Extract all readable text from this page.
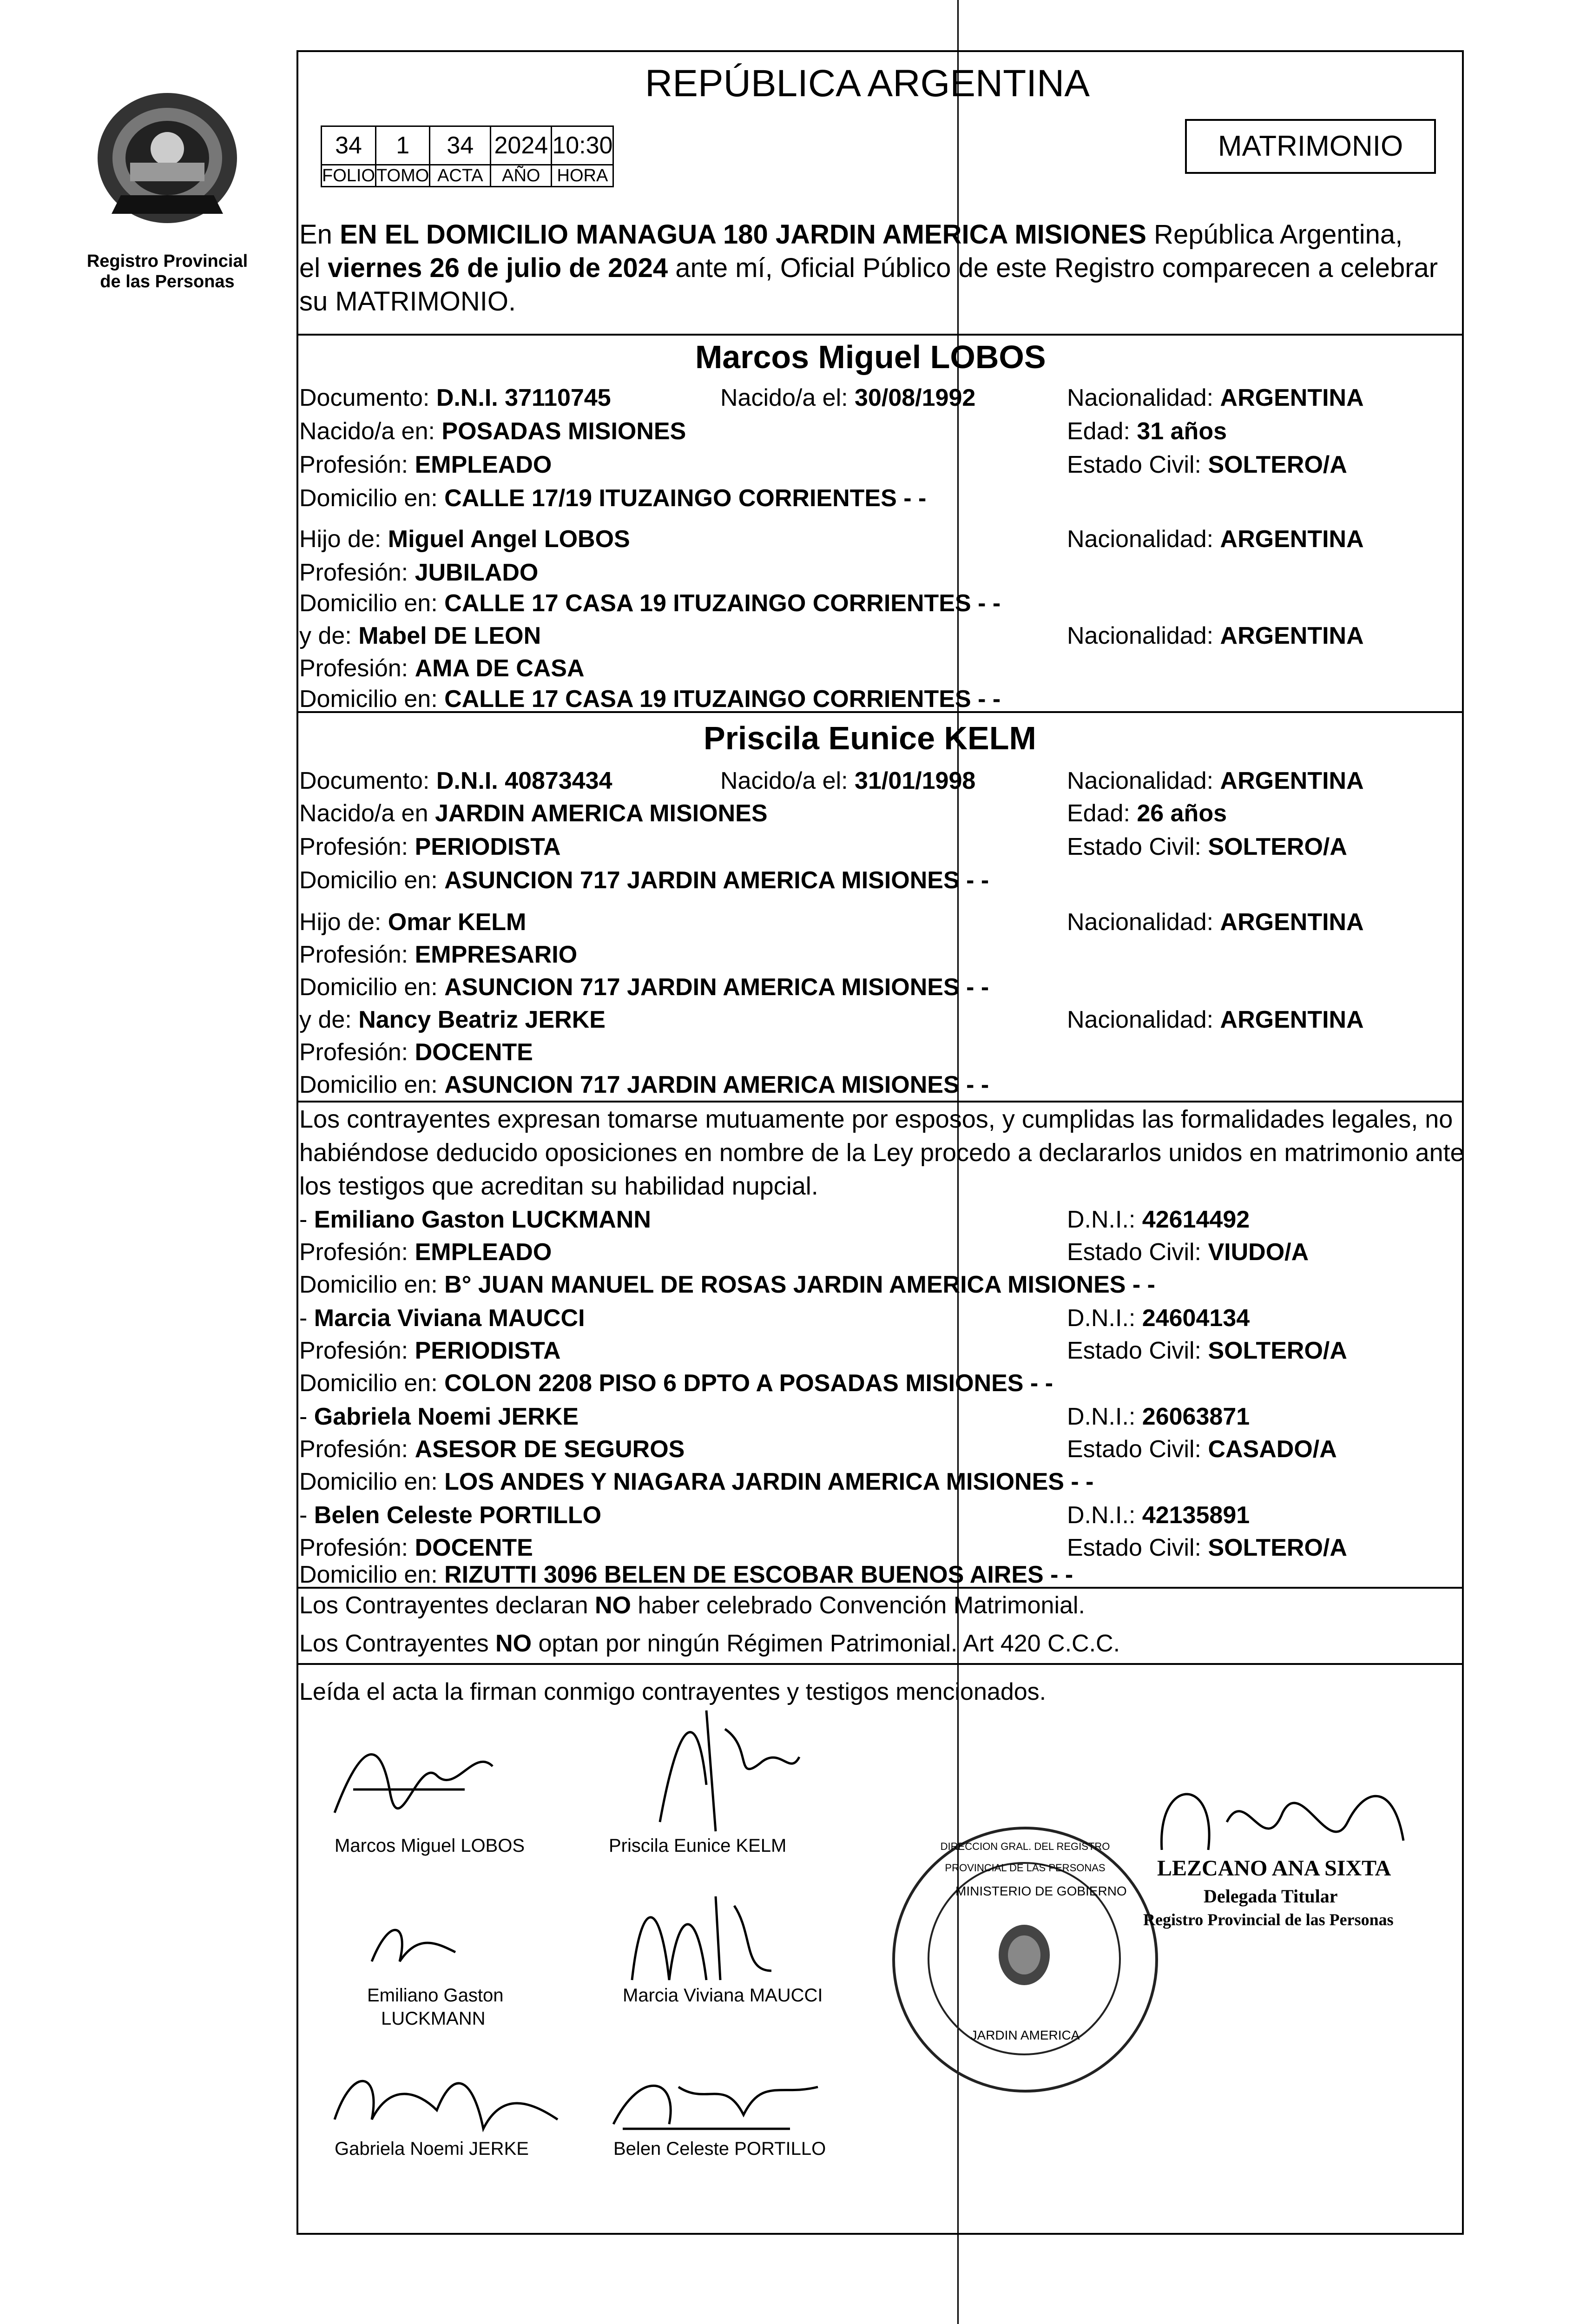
Registro Provincial
de las Personas
REPÚBLICA ARGENTINA
34	1	34	2024	10:30
FOLIO	TOMO	ACTA	AÑO	HORA
MATRIMONIO
En EN EL DOMICILIO MANAGUA 180 JARDIN AMERICA MISIONES República Argentina,
el viernes 26 de julio de 2024 ante mí, Oficial Público de este Registro comparecen a celebrar
su MATRIMONIO.
Marcos Miguel LOBOS
Documento: D.N.I. 37110745	Nacido/a el: 30/08/1992	Nacionalidad: ARGENTINA
Nacido/a en: POSADAS MISIONES	Edad: 31 años
Profesión: EMPLEADO	Estado Civil: SOLTERO/A
Domicilio en: CALLE 17/19 ITUZAINGO CORRIENTES - -
Hijo de: Miguel Angel LOBOS	Nacionalidad: ARGENTINA
Profesión: JUBILADO
Domicilio en: CALLE 17 CASA 19 ITUZAINGO CORRIENTES - -
y de: Mabel DE LEON	Nacionalidad: ARGENTINA
Profesión: AMA DE CASA
Domicilio en: CALLE 17 CASA 19 ITUZAINGO CORRIENTES - -
Priscila Eunice KELM
Documento: D.N.I. 40873434	Nacido/a el: 31/01/1998	Nacionalidad: ARGENTINA
Nacido/a en JARDIN AMERICA MISIONES	Edad: 26 años
Profesión: PERIODISTA	Estado Civil: SOLTERO/A
Domicilio en: ASUNCION 717 JARDIN AMERICA MISIONES - -
Hijo de: Omar KELM	Nacionalidad: ARGENTINA
Profesión: EMPRESARIO
Domicilio en: ASUNCION 717 JARDIN AMERICA MISIONES - -
y de: Nancy Beatriz JERKE	Nacionalidad: ARGENTINA
Profesión: DOCENTE
Domicilio en: ASUNCION 717 JARDIN AMERICA MISIONES - -
Los contrayentes expresan tomarse mutuamente por esposos, y cumplidas las formalidades legales, no
habiéndose deducido oposiciones en nombre de la Ley procedo a declararlos unidos en matrimonio ante
los testigos que acreditan su habilidad nupcial.
- Emiliano Gaston LUCKMANN	D.N.I.: 42614492
Profesión: EMPLEADO	Estado Civil: VIUDO/A
Domicilio en: B° JUAN MANUEL DE ROSAS JARDIN AMERICA MISIONES - -
- Marcia Viviana MAUCCI	D.N.I.: 24604134
Profesión: PERIODISTA	Estado Civil: SOLTERO/A
Domicilio en: COLON 2208 PISO 6 DPTO A POSADAS MISIONES - -
- Gabriela Noemi JERKE	D.N.I.: 26063871
Profesión: ASESOR DE SEGUROS	Estado Civil: CASADO/A
Domicilio en: LOS ANDES Y NIAGARA JARDIN AMERICA MISIONES - -
- Belen Celeste PORTILLO	D.N.I.: 42135891
Profesión: DOCENTE	Estado Civil: SOLTERO/A
Domicilio en: RIZUTTI 3096 BELEN DE ESCOBAR BUENOS AIRES - -
Los Contrayentes declaran NO haber celebrado Convención Matrimonial.
Los Contrayentes NO optan por ningún Régimen Patrimonial. Art 420 C.C.C.
Leída el acta la firman conmigo contrayentes y testigos mencionados.
Marcos Miguel LOBOS	Priscila Eunice KELM
Emiliano Gaston
LUCKMANN
Marcia Viviana MAUCCI
Gabriela Noemi JERKE	Belen Celeste PORTILLO
DIRECCION GRAL. DEL REGISTRO PROVINCIAL DE LAS PERSONAS
MINISTERIO DE GOBIERNO
JARDIN AMERICA
LEZCANO ANA SIXTA
Delegada Titular
Registro Provincial de las Personas
